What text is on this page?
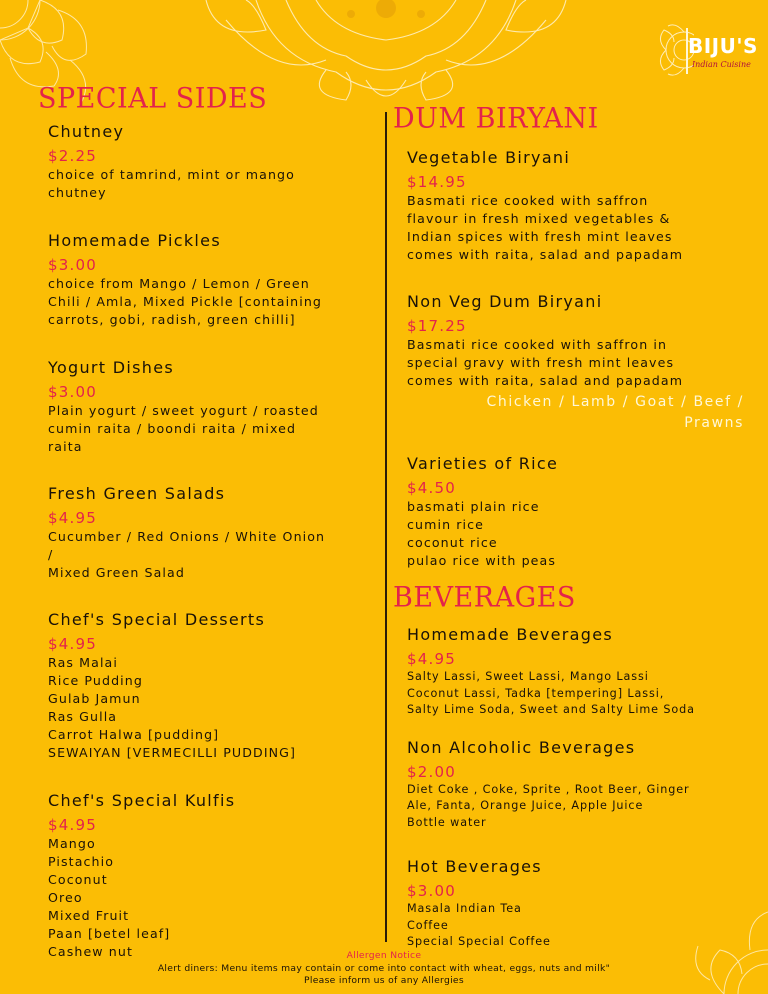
BIJU'S
Indian Cuisine
SPECIAL SIDES
Chutney
$2.25
choice of tamrind, mint or mango
chutney
Homemade Pickles
$3.00
choice from Mango / Lemon / Green
Chili / Amla, Mixed Pickle [containing
carrots, gobi, radish, green chilli]
Yogurt Dishes
$3.00
Plain yogurt / sweet yogurt / roasted
cumin raita / boondi raita / mixed
raita
Fresh Green Salads
$4.95
Cucumber / Red Onions / White Onion
/
Mixed Green Salad
Chef's Special Desserts
$4.95
Ras Malai
Rice Pudding
Gulab Jamun
Ras Gulla
Carrot Halwa [pudding]
SEWAIYAN [VERMECILLI PUDDING]
Chef's Special Kulfis
$4.95
Mango
Pistachio
Coconut
Oreo
Mixed Fruit
Paan [betel leaf]
Cashew nut
DUM BIRYANI
Vegetable Biryani
$14.95
Basmati rice cooked with saffron
flavour in fresh mixed vegetables &
Indian spices with fresh mint leaves
comes with raita, salad and papadam
Non Veg Dum Biryani
$17.25
Basmati rice cooked with saffron in
special gravy with fresh mint leaves
comes with raita, salad and papadam
Chicken / Lamb / Goat / Beef /
Prawns
Varieties of Rice
$4.50
basmati plain rice
cumin rice
coconut rice
pulao rice with peas
BEVERAGES
Homemade Beverages
$4.95
Salty Lassi, Sweet Lassi, Mango Lassi
Coconut Lassi, Tadka [tempering] Lassi,
Salty Lime Soda, Sweet and Salty Lime Soda
Non Alcoholic Beverages
$2.00
Diet Coke , Coke, Sprite , Root Beer, Ginger
Ale, Fanta, Orange Juice, Apple Juice
Bottle water
Hot Beverages
$3.00
Masala Indian Tea
Coffee
Special Special Coffee
Allergen Notice
Alert diners: Menu items may contain or come into contact with wheat, eggs, nuts and milk"
Please inform us of any Allergies
